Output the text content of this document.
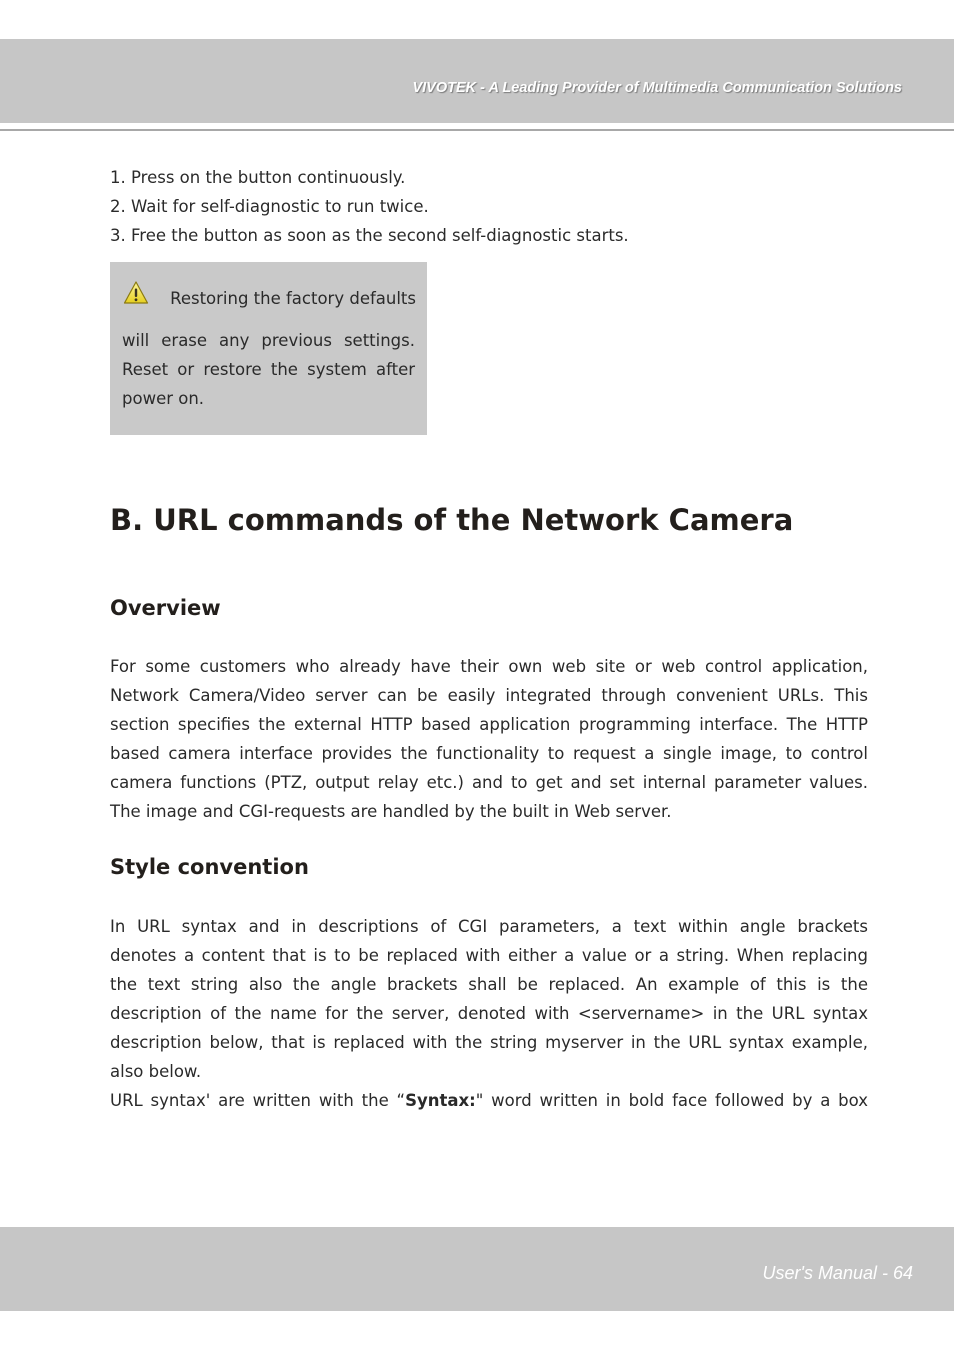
VIVOTEK - A Leading Provider of Multimedia Communication Solutions
1. Press on the button continuously.
2. Wait for self-diagnostic to run twice.
3. Free the button as soon as the second self-diagnostic starts.
Restoring the factory defaults
will erase any previous settings.
Reset or restore the system after
power on.
B. URL commands of the Network Camera
Overview
For some customers who already have their own web site or web control application,
Network Camera/Video server can be easily integrated through convenient URLs. This
section specifies the external HTTP based application programming interface. The HTTP
based camera interface provides the functionality to request a single image, to control
camera functions (PTZ, output relay etc.) and to get and set internal parameter values.
The image and CGI-requests are handled by the built in Web server.
Style convention
In URL syntax and in descriptions of CGI parameters, a text within angle brackets
denotes a content that is to be replaced with either a value or a string. When replacing
the text string also the angle brackets shall be replaced. An example of this is the
description of the name for the server, denoted with <servername> in the URL syntax
description below, that is replaced with the string myserver in the URL syntax example,
also below.
URL syntax' are written with the “Syntax:" word written in bold face followed by a box
User's Manual - 64
